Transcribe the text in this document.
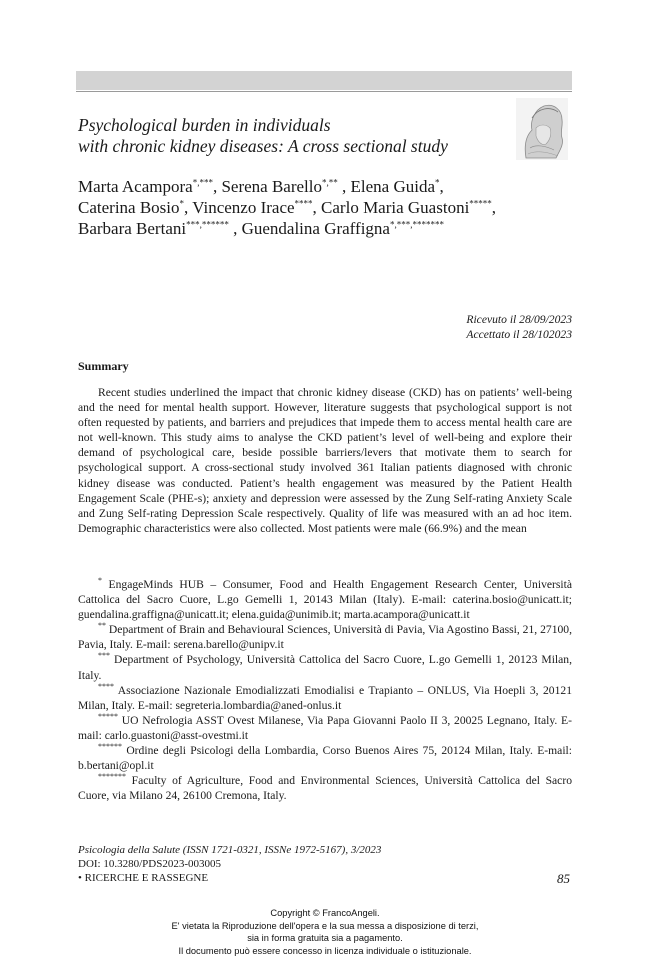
Psychological burden in individuals
with chronic kidney diseases: A cross sectional study
Marta Acampora*,***, Serena Barello*,** , Elena Guida*,
Caterina Bosio*, Vincenzo Irace****, Carlo Maria Guastoni*****,
Barbara Bertani***,****** , Guendalina Graffigna*,***,*******
Ricevuto il 28/09/2023
Accettato il 28/102023
Summary

Recent studies underlined the impact that chronic kidney disease (CKD) has on patients’ well-being and the need for mental health support. However, literature suggests that psychological support is not often requested by patients, and barriers and prejudices that impede them to access mental health care are not well-known. This study aims to analyse the CKD patient’s level of well-being and explore their demand of psychological care, beside possible barriers/levers that motivate them to search for psychological support. A cross-sectional study involved 361 Italian patients diagnosed with chronic kidney disease was conducted. Patient’s health engagement was measured by the Patient Health Engagement Scale (PHE-s); anxiety and depression were assessed by the Zung Self-rating Anxiety Scale and Zung Self-rating Depression Scale respectively. Quality of life was measured with an ad hoc item. Demographic characteristics were also collected. Most patients were male (66.9%) and the mean

* EngageMinds HUB – Consumer, Food and Health Engagement Research Center, Università Cattolica del Sacro Cuore, L.go Gemelli 1, 20143 Milan (Italy). E-mail: caterina.bosio@unicatt.it; guendalina.graffigna@unicatt.it; elena.guida@unimib.it; marta.acampora@unicatt.it

** Department of Brain and Behavioural Sciences, Università di Pavia, Via Agostino Bassi, 21, 27100, Pavia, Italy. E-mail: serena.barello@unipv.it

*** Department of Psychology, Università Cattolica del Sacro Cuore, L.go Gemelli 1, 20123 Milan, Italy.

**** Associazione Nazionale Emodializzati Emodialisi e Trapianto – ONLUS, Via Hoepli 3, 20121 Milan, Italy. E-mail: segreteria.lombardia@aned-onlus.it

***** UO Nefrologia ASST Ovest Milanese, Via Papa Giovanni Paolo II 3, 20025 Legnano, Italy. E-mail: carlo.guastoni@asst-ovestmi.it

****** Ordine degli Psicologi della Lombardia, Corso Buenos Aires 75, 20124 Milan, Italy. E-mail: b.bertani@opl.it

******* Faculty of Agriculture, Food and Environmental Sciences, Università Cattolica del Sacro Cuore, via Milano 24, 26100 Cremona, Italy.

Psicologia della Salute (ISSN 1721-0321, ISSNe 1972-5167), 3/2023
DOI: 10.3280/PDS2023-003005
• RICERCHE E RASSEGNE	85
Copyright © FrancoAngeli.
E' vietata la Riproduzione dell'opera e la sua messa a disposizione di terzi,
sia in forma gratuita sia a pagamento.
Il documento può essere concesso in licenza individuale o istituzionale.
